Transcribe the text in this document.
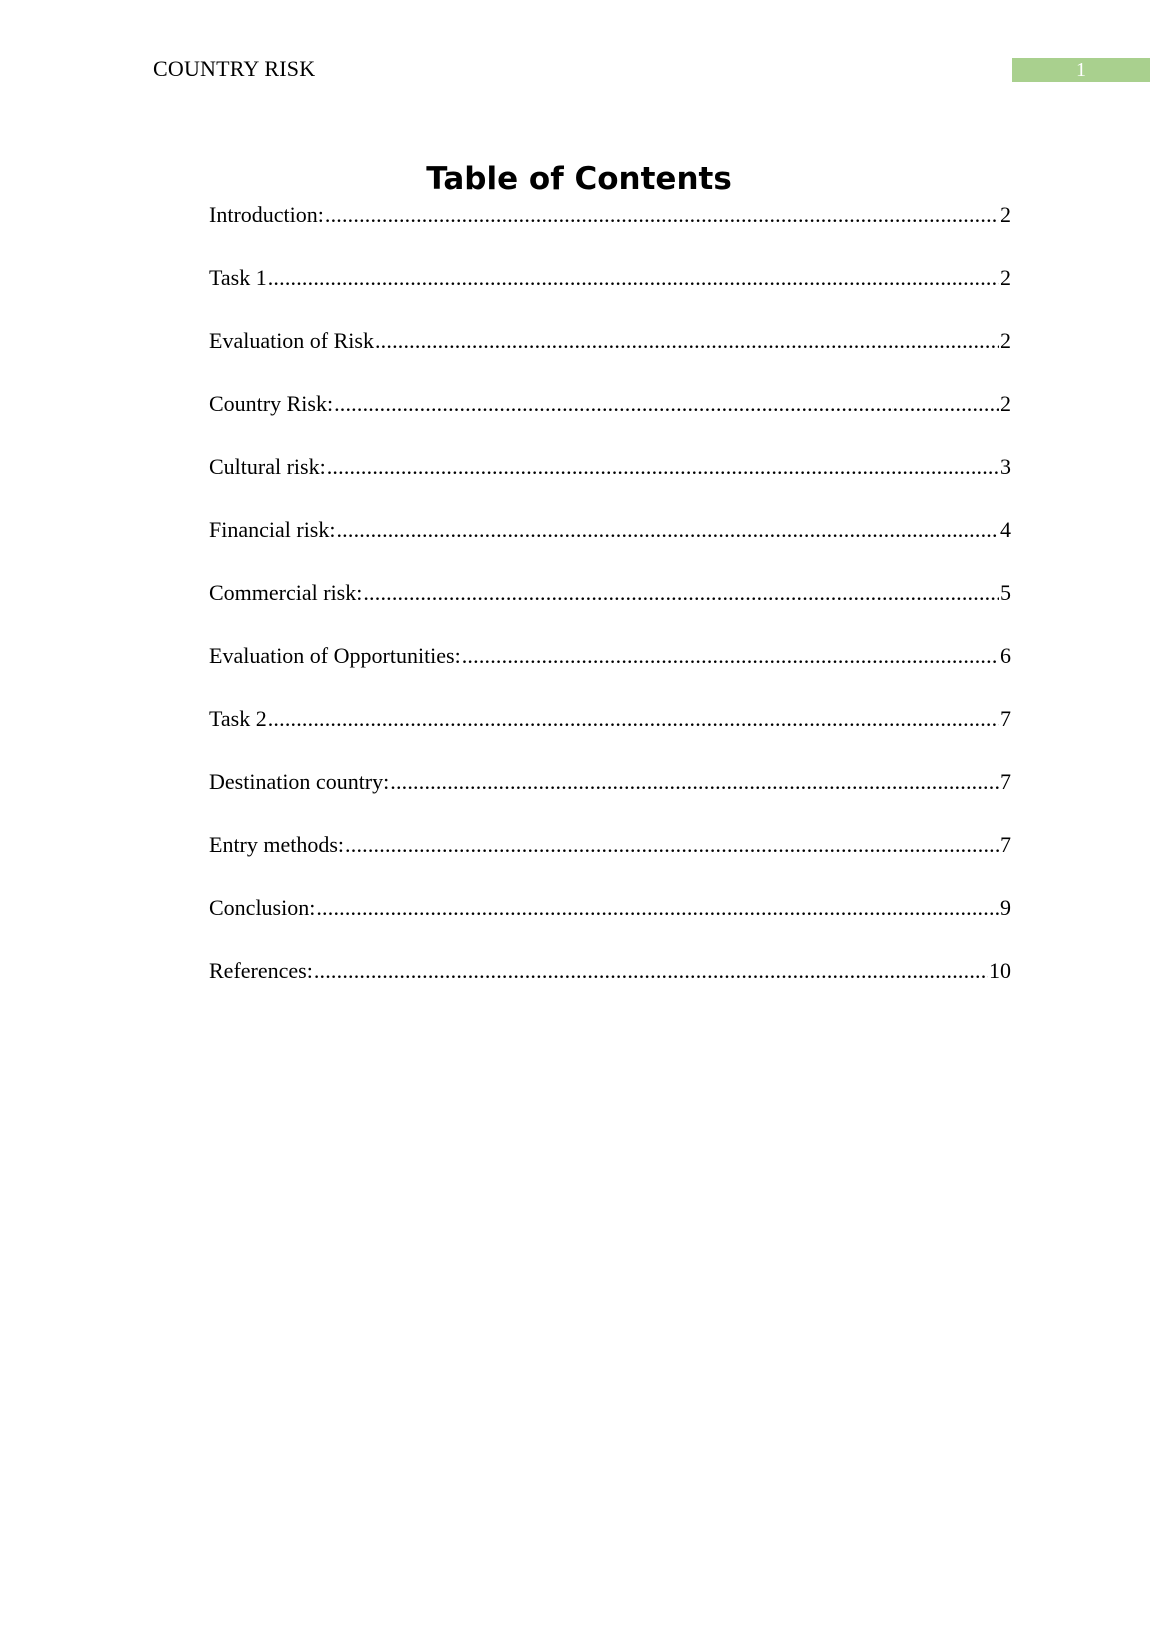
COUNTRY RISK	1
Table of Contents
Introduction: .....	2
Task 1 .....	2
Evaluation of Risk .....	2
Country Risk: .....	2
Cultural risk: .....	3
Financial risk: .....	4
Commercial risk: .....	5
Evaluation of Opportunities: .....	6
Task 2 .....	7
Destination country: .....	7
Entry methods: .....	7
Conclusion: .....	9
References: .....	10
